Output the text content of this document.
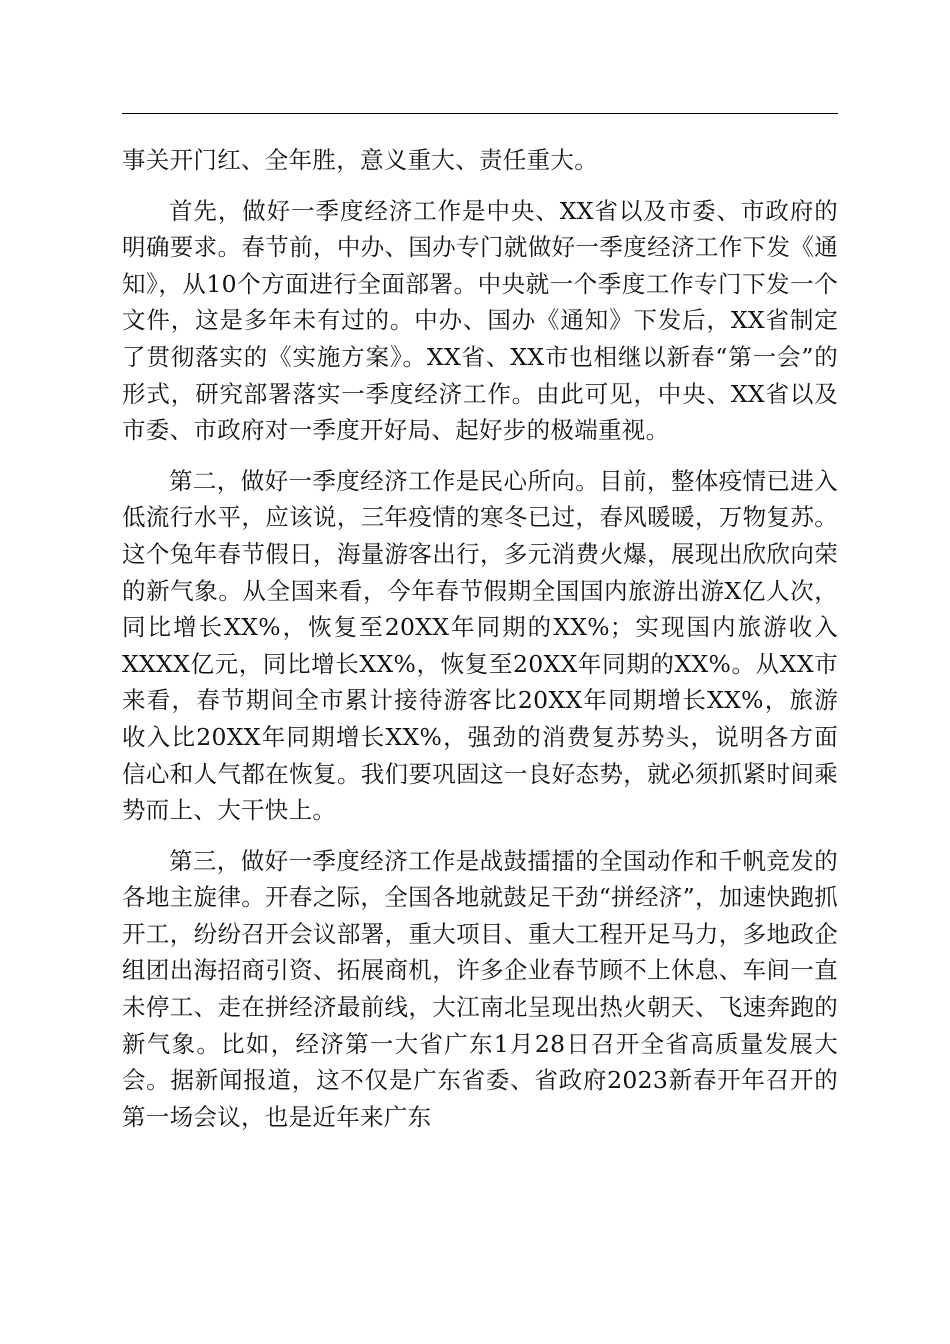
事关开门红、全年胜，意义重大、责任重大。

首先，做好一季度经济工作是中央、XX省以及市委、市政府的明确要求。春节前，中办、国办专门就做好一季度经济工作下发《通知》，从10个方面进行全面部署。中央就一个季度工作专门下发一个文件，这是多年未有过的。中办、国办《通知》下发后，XX省制定了贯彻落实的《实施方案》。XX省、XX市也相继以新春“第一会”的形式，研究部署落实一季度经济工作。由此可见，中央、XX省以及市委、市政府对一季度开好局、起好步的极端重视。

第二，做好一季度经济工作是民心所向。目前，整体疫情已进入低流行水平，应该说，三年疫情的寒冬已过，春风暖暖，万物复苏。这个兔年春节假日，海量游客出行，多元消费火爆，展现出欣欣向荣的新气象。从全国来看，今年春节假期全国国内旅游出游X亿人次，同比增长XX%，恢复至20XX年同期的XX%；实现国内旅游收入XXXX亿元，同比增长XX%，恢复至20XX年同期的XX%。从XX市来看，春节期间全市累计接待游客比20XX年同期增长XX%，旅游收入比20XX年同期增长XX%，强劲的消费复苏势头，说明各方面信心和人气都在恢复。我们要巩固这一良好态势，就必须抓紧时间乘势而上、大干快上。

第三，做好一季度经济工作是战鼓擂擂的全国动作和千帆竞发的各地主旋律。开春之际，全国各地就鼓足干劲“拼经济”，加速快跑抓开工，纷纷召开会议部署，重大项目、重大工程开足马力，多地政企组团出海招商引资、拓展商机，许多企业春节顾不上休息、车间一直未停工、走在拼经济最前线，大江南北呈现出热火朝天、飞速奔跑的新气象。比如，经济第一大省广东1月28日召开全省高质量发展大会。据新闻报道，这不仅是广东省委、省政府2023新春开年召开的第一场会议，也是近年来广东
